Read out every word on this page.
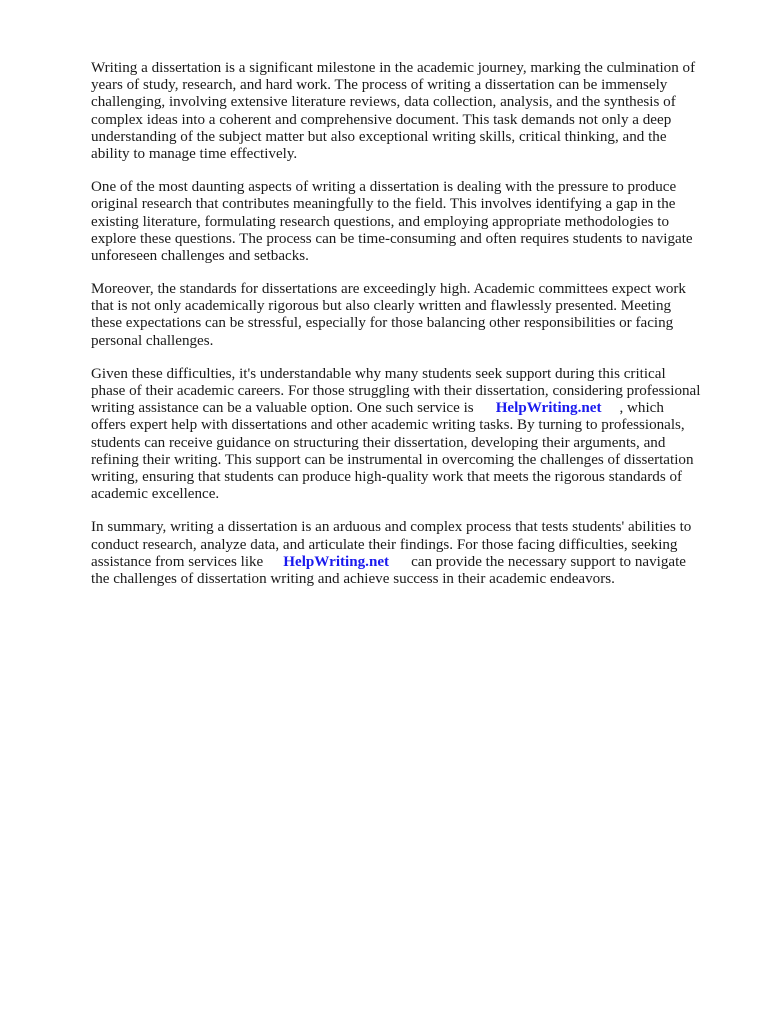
Writing a dissertation is a significant milestone in the academic journey, marking the culmination of
years of study, research, and hard work. The process of writing a dissertation can be immensely
challenging, involving extensive literature reviews, data collection, analysis, and the synthesis of
complex ideas into a coherent and comprehensive document. This task demands not only a deep
understanding of the subject matter but also exceptional writing skills, critical thinking, and the
ability to manage time effectively.

One of the most daunting aspects of writing a dissertation is dealing with the pressure to produce
original research that contributes meaningfully to the field. This involves identifying a gap in the
existing literature, formulating research questions, and employing appropriate methodologies to
explore these questions. The process can be time-consuming and often requires students to navigate
unforeseen challenges and setbacks.

Moreover, the standards for dissertations are exceedingly high. Academic committees expect work
that is not only academically rigorous but also clearly written and flawlessly presented. Meeting
these expectations can be stressful, especially for those balancing other responsibilities or facing
personal challenges.

Given these difficulties, it's understandable why many students seek support during this critical
phase of their academic careers. For those struggling with their dissertation, considering professional
writing assistance can be a valuable option. One such service is HelpWriting.net , which
offers expert help with dissertations and other academic writing tasks. By turning to professionals,
students can receive guidance on structuring their dissertation, developing their arguments, and
refining their writing. This support can be instrumental in overcoming the challenges of dissertation
writing, ensuring that students can produce high-quality work that meets the rigorous standards of
academic excellence.

In summary, writing a dissertation is an arduous and complex process that tests students' abilities to
conduct research, analyze data, and articulate their findings. For those facing difficulties, seeking
assistance from services like HelpWriting.net can provide the necessary support to navigate
the challenges of dissertation writing and achieve success in their academic endeavors.
